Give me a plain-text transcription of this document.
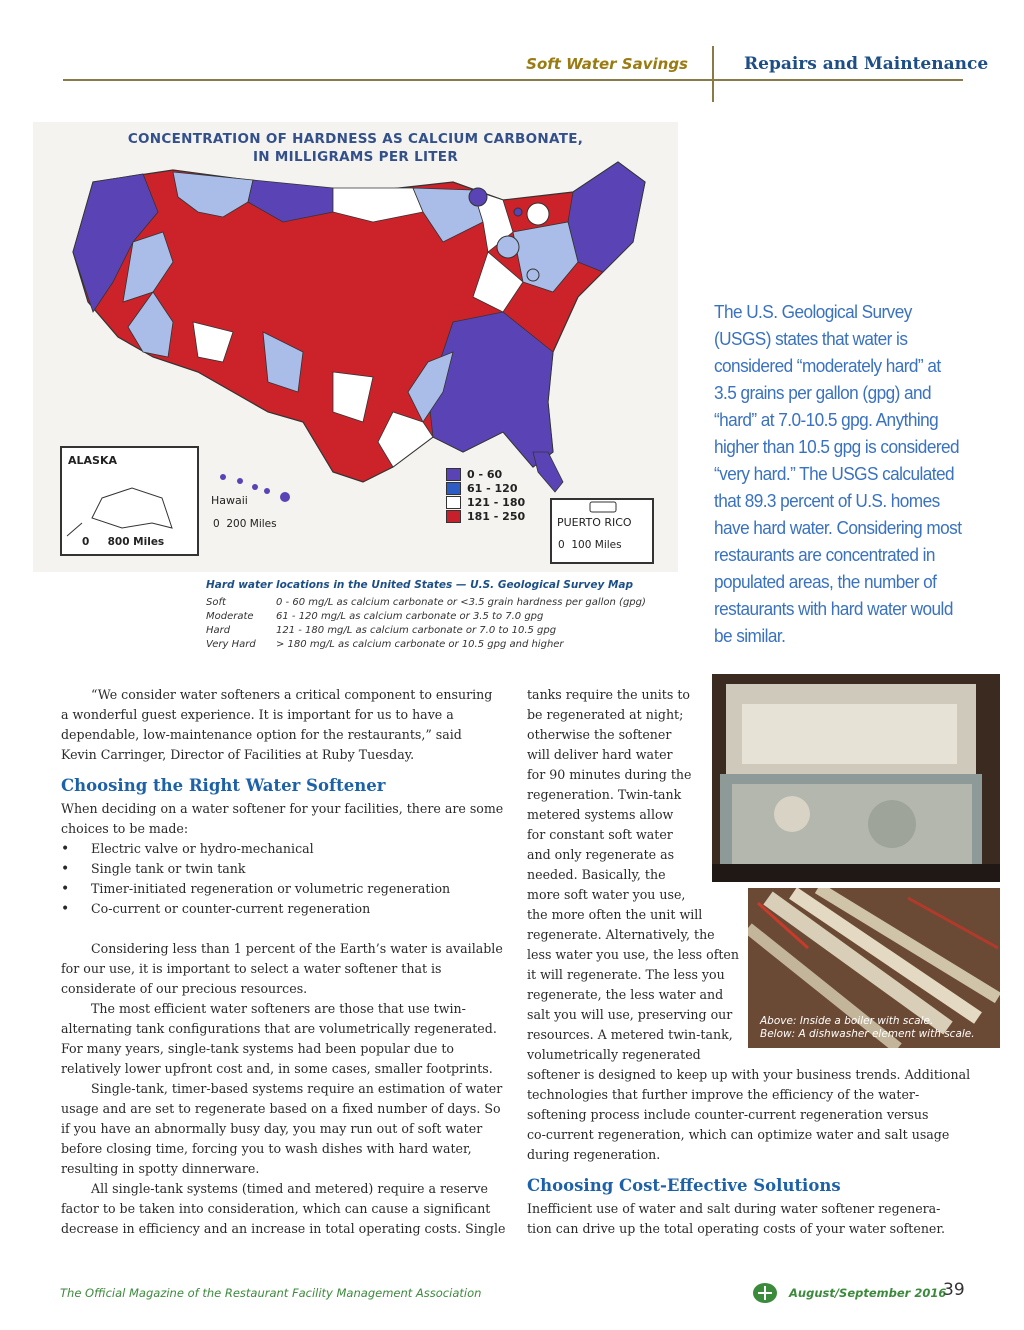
Soft Water Savings	Repairs and Maintenance
CONCENTRATION OF HARDNESS AS CALCIUM CARBONATE,
IN MILLIGRAMS PER LITER
ALASKA
0 800 Miles
Hawaii
0 200 Miles
0 - 60
61 - 120
121 - 180
181 - 250	PUERTO RICO
0 100 Miles
The U.S. Geological Survey (USGS) states that water is considered “moderately hard” at 3.5 grains per gallon (gpg) and “hard” at 7.0-10.5 gpg. Anything higher than 10.5 gpg is considered “very hard.” The USGS calculated that 89.3 percent of U.S. homes have hard water. Considering most restaurants are concentrated in populated areas, the number of restaurants with hard water would be similar.
Hard water locations in the United States — U.S. Geological Survey Map
Soft	0 - 60 mg/L as calcium carbonate or <3.5 grain hardness per gallon (gpg)
Moderate 61 - 120 mg/L as calcium carbonate or 3.5 to 7.0 gpg
Hard	121 - 180 mg/L as calcium carbonate or 7.0 to 10.5 gpg
Very Hard > 180 mg/L as calcium carbonate or 10.5 gpg and higher
“We consider water softeners a critical component to ensuring
a wonderful guest experience. It is important for us to have a
dependable, low-maintenance option for the restaurants,” said
Kevin Carringer, Director of Facilities at Ruby Tuesday.
Choosing the Right Water Softener
When deciding on a water softener for your facilities, there are some
choices to be made:
• Electric valve or hydro-mechanical
• Single tank or twin tank
• Timer-initiated regeneration or volumetric regeneration
• Co-current or counter-current regeneration
Considering less than 1 percent of the Earth’s water is available
for our use, it is important to select a water softener that is
considerate of our precious resources.
The most efficient water softeners are those that use twin-
alternating tank configurations that are volumetrically regenerated.
For many years, single-tank systems had been popular due to
relatively lower upfront cost and, in some cases, smaller footprints.
Single-tank, timer-based systems require an estimation of water
usage and are set to regenerate based on a fixed number of days. So
if you have an abnormally busy day, you may run out of soft water
before closing time, forcing you to wash dishes with hard water,
resulting in spotty dinnerware.
All single-tank systems (timed and metered) require a reserve
factor to be taken into consideration, which can cause a significant
decrease in efficiency and an increase in total operating costs. Single
tanks require the units to
be regenerated at night;
otherwise the softener
will deliver hard water
for 90 minutes during the
regeneration. Twin-tank
metered systems allow
for constant soft water
and only regenerate as
needed. Basically, the
more soft water you use,
the more often the unit will
regenerate. Alternatively, the
less water you use, the less often
it will regenerate. The less you
regenerate, the less water and
salt you will use, preserving our
resources. A metered twin-tank,
volumetrically regenerated
softener is designed to keep up with your business trends. Additional
technologies that further improve the efficiency of the water-
softening process include counter-current regeneration versus
co-current regeneration, which can optimize water and salt usage
during regeneration.
Choosing Cost-Effective Solutions
Inefficient use of water and salt during water softener regenera-
tion can drive up the total operating costs of your water softener.
Above: Inside a boiler with scale.
Below: A dishwasher element with scale.
The Official Magazine of the Restaurant Facility Management Association	August/September 2016
39
